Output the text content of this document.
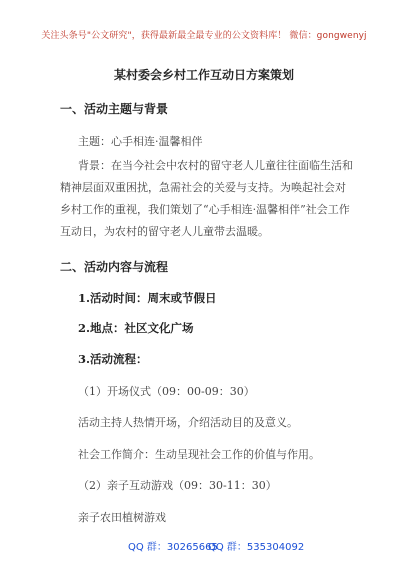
关注头条号"公文研究"，获得最新最全最专业的公文资料库！ 微信：gongwenyj
某村委会乡村工作互动日方案策划
一、活动主题与背景
主题：心手相连·温馨相伴
背景：在当今社会中农村的留守老人儿童往往面临生活和精神层面双重困扰，急需社会的关爱与支持。为唤起社会对乡村工作的重视，我们策划了“心手相连·温馨相伴”社会工作互动日，为农村的留守老人儿童带去温暖。
二、活动内容与流程
1.活动时间：周末或节假日
2.地点：社区文化广场
3.活动流程：
（1）开场仪式（09：00-09：30）
活动主持人热情开场，介绍活动目的及意义。
社会工作简介：生动呈现社会工作的价值与作用。
（2）亲子互动游戏（09：30-11：30）
亲子农田植树游戏
QQ 群：30265665
QQ 群：535304092
